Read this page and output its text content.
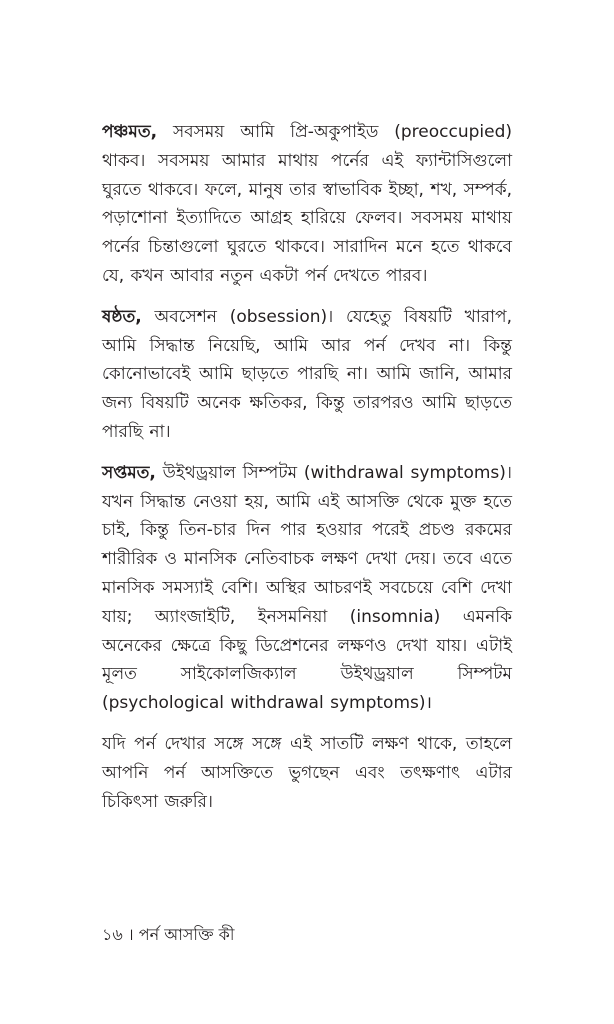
পঞ্চমত, সবসময় আমি প্রি-অকুপাইড (preoccupied) থাকব। সবসময় আমার মাথায় পর্নের এই ফ্যান্টাসিগুলো ঘুরতে থাকবে। ফলে, মানুষ তার স্বাভাবিক ইচ্ছা, শখ, সম্পর্ক, পড়াশোনা ইত্যাদিতে আগ্রহ হারিয়ে ফেলব। সবসময় মাথায় পর্নের চিন্তাগুলো ঘুরতে থাকবে। সারাদিন মনে হতে থাকবে যে, কখন আবার নতুন একটা পর্ন দেখতে পারব।

ষষ্ঠত, অবসেশন (obsession)। যেহেতু বিষয়টি খারাপ, আমি সিদ্ধান্ত নিয়েছি, আমি আর পর্ন দেখব না। কিন্তু কোনোভাবেই আমি ছাড়তে পারছি না। আমি জানি, আমার জন্য বিষয়টি অনেক ক্ষতিকর, কিন্তু তারপরও আমি ছাড়তে পারছি না।

সপ্তমত, উইথড্রয়াল সিম্পটম (withdrawal symptoms)। যখন সিদ্ধান্ত নেওয়া হয়, আমি এই আসক্তি থেকে মুক্ত হতে চাই, কিন্তু তিন-চার দিন পার হওয়ার পরেই প্রচণ্ড রকমের শারীরিক ও মানসিক নেতিবাচক লক্ষণ দেখা দেয়। তবে এতে মানসিক সমস্যাই বেশি। অস্থির আচরণই সবচেয়ে বেশি দেখা যায়; অ্যাংজাইটি, ইনসমনিয়া (insomnia) এমনকি অনেকের ক্ষেত্রে কিছু ডিপ্রেশনের লক্ষণও দেখা যায়। এটাই মূলত সাইকোলজিক্যাল উইথড্রয়াল সিম্পটম (psychological withdrawal symptoms)।

যদি পর্ন দেখার সঙ্গে সঙ্গে এই সাতটি লক্ষণ থাকে, তাহলে আপনি পর্ন আসক্তিতে ভুগছেন এবং তৎক্ষণাৎ এটার চিকিৎসা জরুরি।

১৬ । পর্ন আসক্তি কী
